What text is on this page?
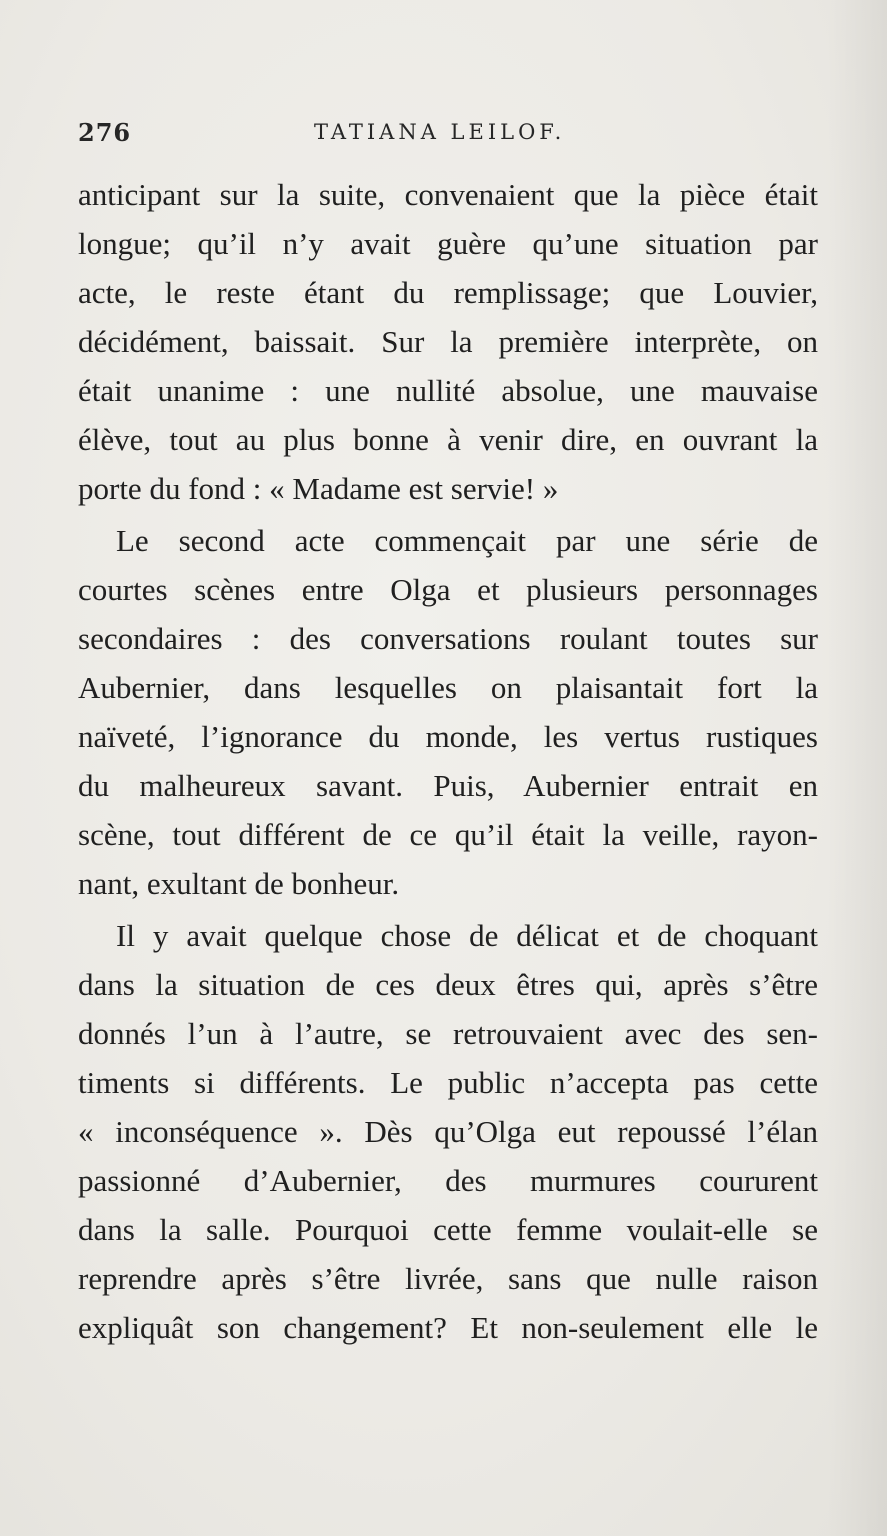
276	TATIANA LEILOF.
anticipant sur la suite, convenaient que la pièce était
longue; qu’il n’y avait guère qu’une situation par
acte, le reste étant du remplissage; que Louvier,
décidément, baissait. Sur la première interprète, on
était unanime : une nullité absolue, une mauvaise
élève, tout au plus bonne à venir dire, en ouvrant la
porte du fond : « Madame est servie! »
Le second acte commençait par une série de
courtes scènes entre Olga et plusieurs personnages
secondaires : des conversations roulant toutes sur
Aubernier, dans lesquelles on plaisantait fort la
naïveté, l’ignorance du monde, les vertus rustiques
du malheureux savant. Puis, Aubernier entrait en
scène, tout différent de ce qu’il était la veille, rayon-
nant, exultant de bonheur.
Il y avait quelque chose de délicat et de choquant
dans la situation de ces deux êtres qui, après s’être
donnés l’un à l’autre, se retrouvaient avec des sen-
timents si différents. Le public n’accepta pas cette
« inconséquence ». Dès qu’Olga eut repoussé l’élan
passionné d’Aubernier, des murmures coururent
dans la salle. Pourquoi cette femme voulait-elle se
reprendre après s’être livrée, sans que nulle raison
expliquât son changement? Et non-seulement elle le
